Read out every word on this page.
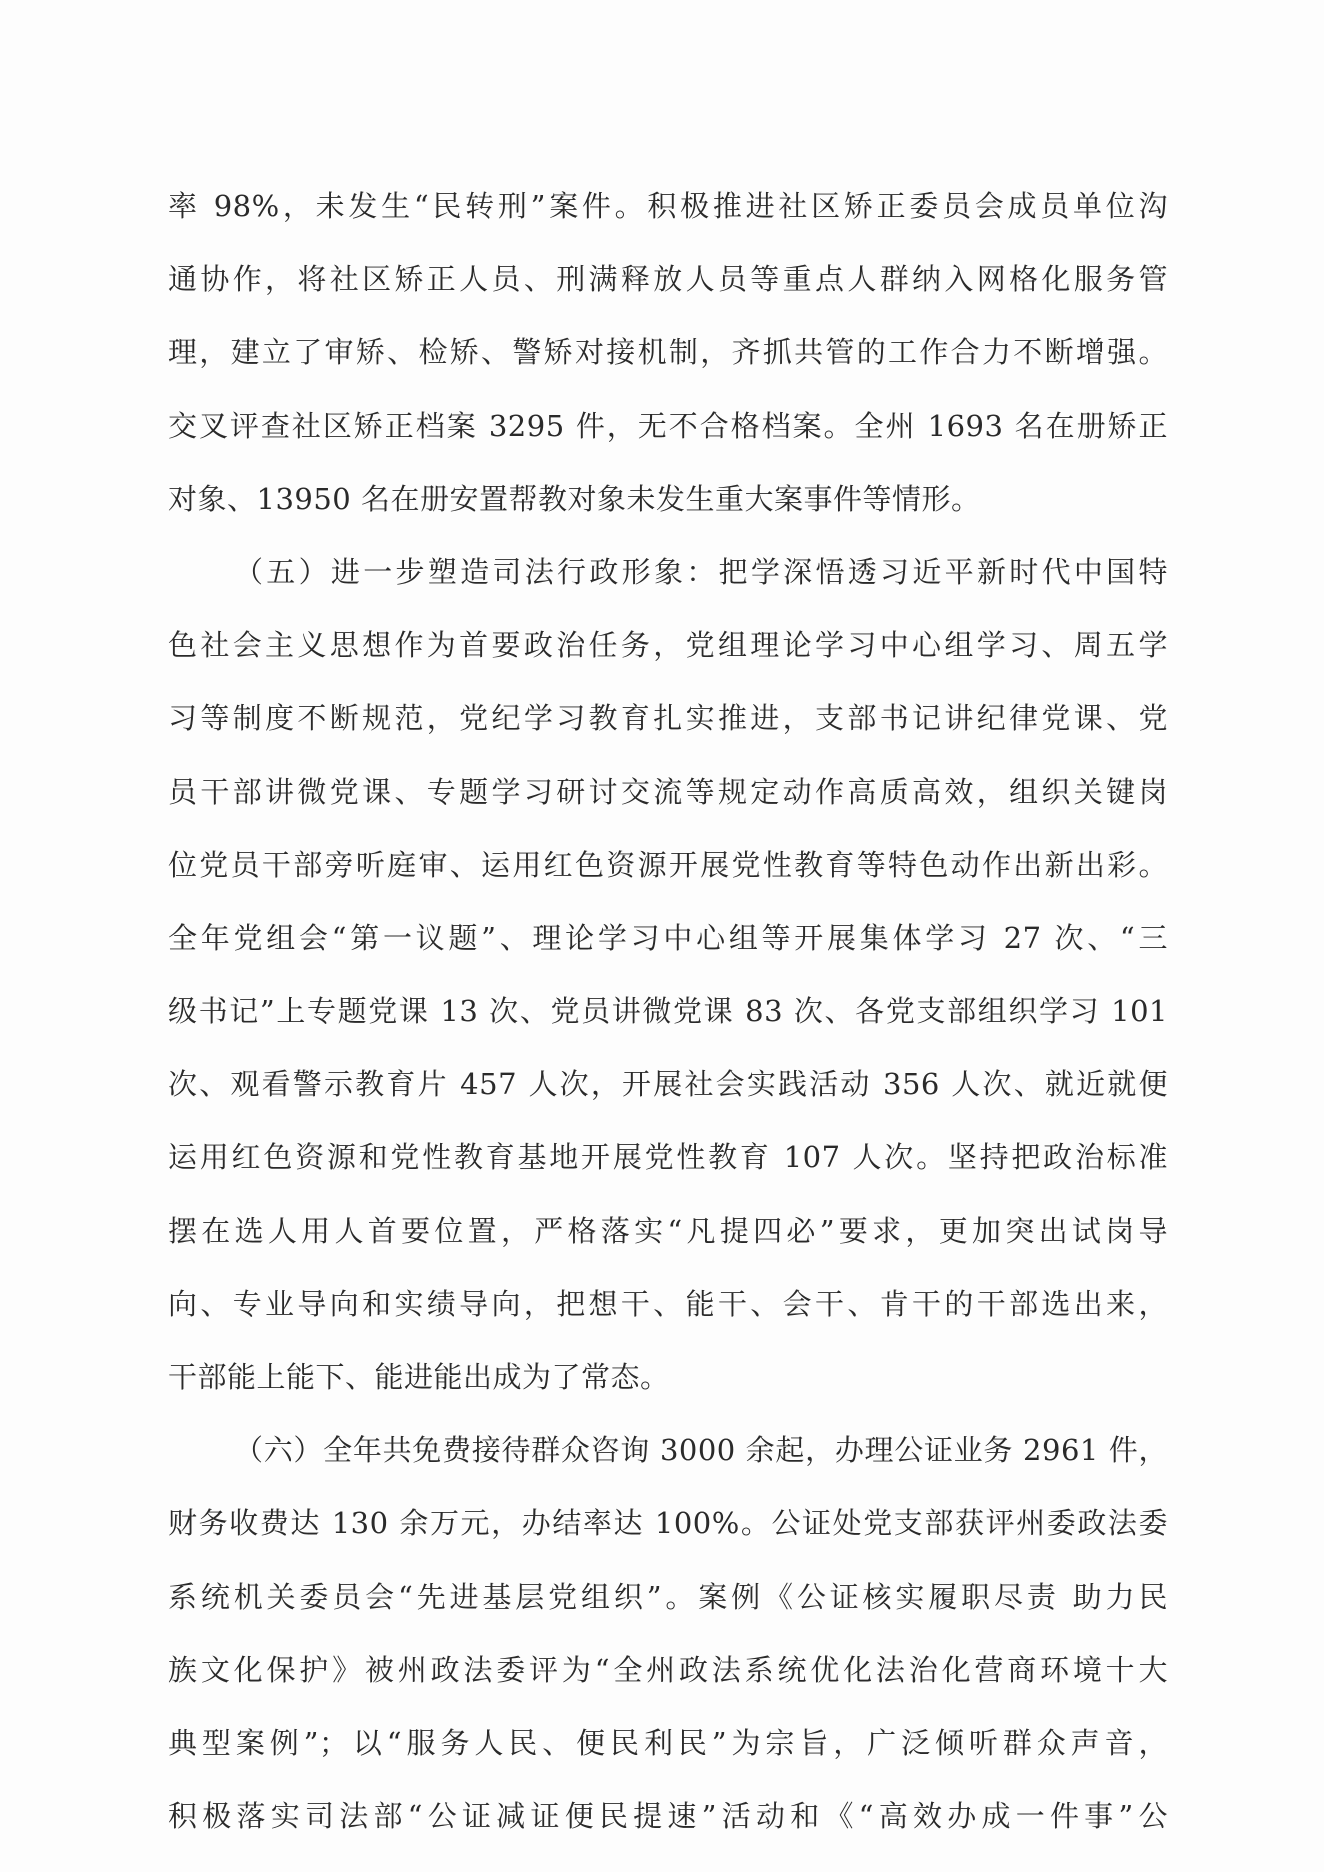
率 98%，未发生“民转刑”案件。积极推进社区矫正委员会成员单位沟
通协作，将社区矫正人员、刑满释放人员等重点人群纳入网格化服务管
理，建立了审矫、检矫、警矫对接机制，齐抓共管的工作合力不断增强。
交叉评查社区矫正档案 3295 件，无不合格档案。全州 1693 名在册矫正
对象、13950 名在册安置帮教对象未发生重大案事件等情形。
（五）进一步塑造司法行政形象：把学深悟透习近平新时代中国特
色社会主义思想作为首要政治任务，党组理论学习中心组学习、周五学
习等制度不断规范，党纪学习教育扎实推进，支部书记讲纪律党课、党
员干部讲微党课、专题学习研讨交流等规定动作高质高效，组织关键岗
位党员干部旁听庭审、运用红色资源开展党性教育等特色动作出新出彩。
全年党组会“第一议题”、理论学习中心组等开展集体学习 27 次、“三
级书记”上专题党课 13 次、党员讲微党课 83 次、各党支部组织学习 101
次、观看警示教育片 457 人次，开展社会实践活动 356 人次、就近就便
运用红色资源和党性教育基地开展党性教育 107 人次。坚持把政治标准
摆在选人用人首要位置，严格落实“凡提四必”要求，更加突出试岗导
向、专业导向和实绩导向，把想干、能干、会干、肯干的干部选出来，
干部能上能下、能进能出成为了常态。
（六）全年共免费接待群众咨询 3000 余起，办理公证业务 2961 件，
财务收费达 130 余万元，办结率达 100%。公证处党支部获评州委政法委
系统机关委员会“先进基层党组织”。案例《公证核实履职尽责 助力民
族文化保护》被州政法委评为“全州政法系统优化法治化营商环境十大
典型案例”；以“服务人民、便民利民”为宗旨，广泛倾听群众声音，
积极落实司法部“公证减证便民提速”活动和《“高效办成一件事”公
